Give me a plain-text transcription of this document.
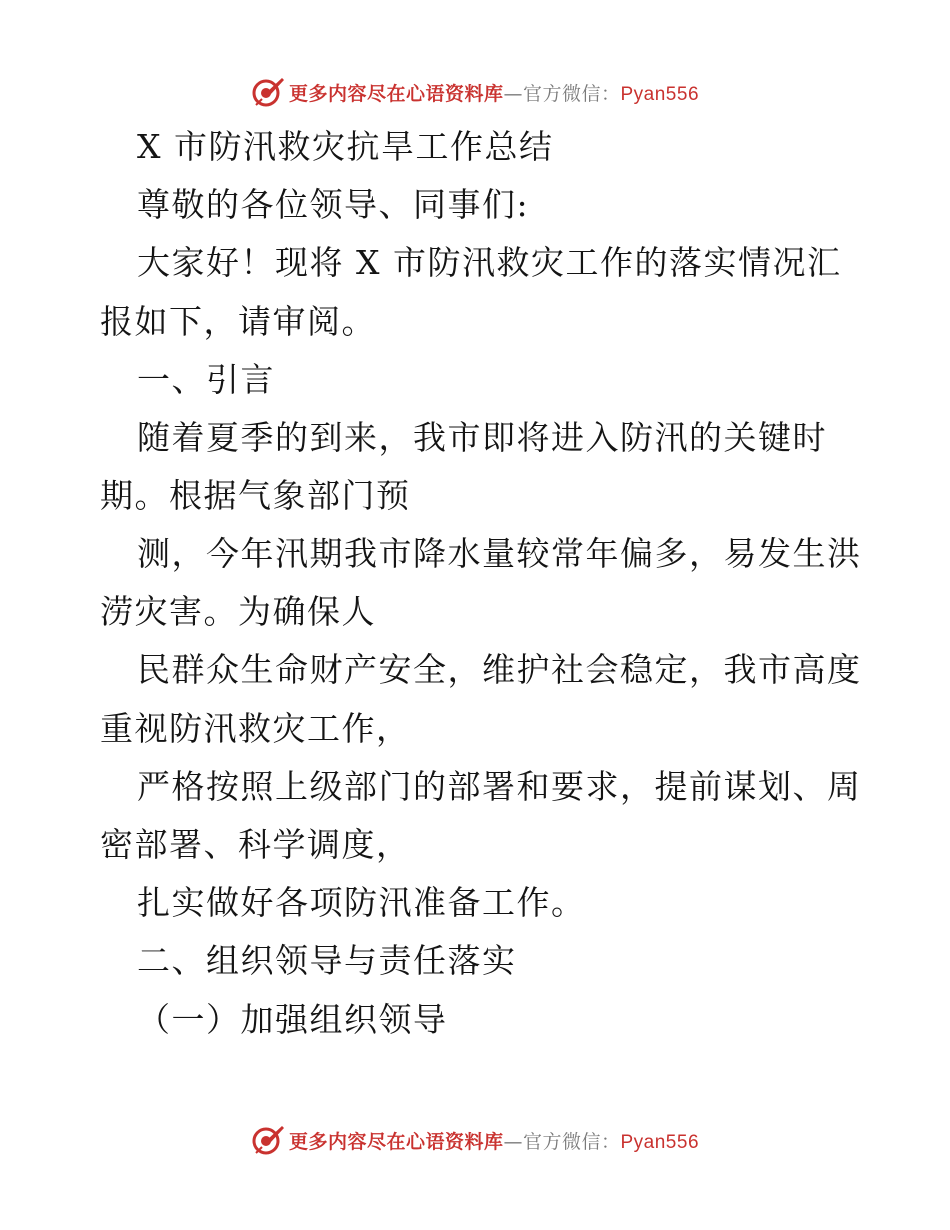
更多内容尽在心语资料库—官方微信：Pyan556
X 市防汛救灾抗旱工作总结
尊敬的各位领导、同事们:
大家好！现将 X 市防汛救灾工作的落实情况汇
报如下，请审阅。
一、引言
随着夏季的到来，我市即将进入防汛的关键时
期。根据气象部门预
测，今年汛期我市降水量较常年偏多，易发生洪
涝灾害。为确保人
民群众生命财产安全，维护社会稳定，我市高度
重视防汛救灾工作，
严格按照上级部门的部署和要求，提前谋划、周
密部署、科学调度，
扎实做好各项防汛准备工作。
二、组织领导与责任落实
（一）加强组织领导
更多内容尽在心语资料库—官方微信：Pyan556
